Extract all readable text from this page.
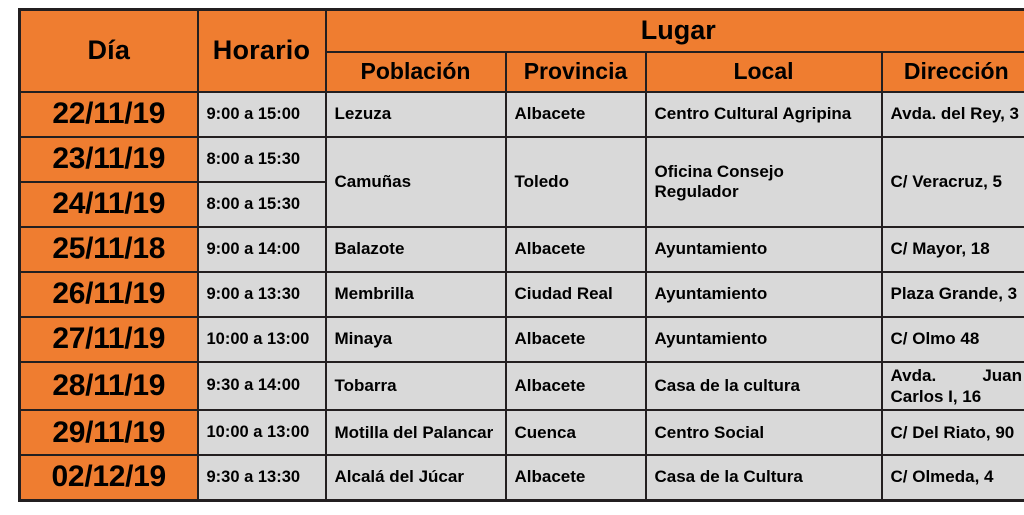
Día	Horario	Lugar			
		Población	Provincia	Local	Dirección
22/11/19	9:00 a 15:00	Lezuza	Albacete	Centro Cultural Agripina	Avda. del Rey, 3
23/11/19	8:00 a 15:30	Camuñas	Toledo	Oficina Consejo Regulador	C/ Veracruz, 5
24/11/19	8:00 a 15:30				
25/11/18	9:00 a 14:00	Balazote	Albacete	Ayuntamiento	C/ Mayor, 18
26/11/19	9:00 a 13:30	Membrilla	Ciudad Real	Ayuntamiento	Plaza Grande, 3
27/11/19	10:00 a 13:00	Minaya	Albacete	Ayuntamiento	C/ Olmo 48
28/11/19	9:30 a 14:00	Tobarra	Albacete	Casa de la cultura	Avda. Juan
Carlos I, 16

29/11/19	10:00 a 13:00	Motilla del Palancar	Cuenca	Centro Social	C/ Del Riato, 90
02/12/19	9:30 a 13:30	Alcalá del Júcar	Albacete	Casa de la Cultura	C/ Olmeda, 4
